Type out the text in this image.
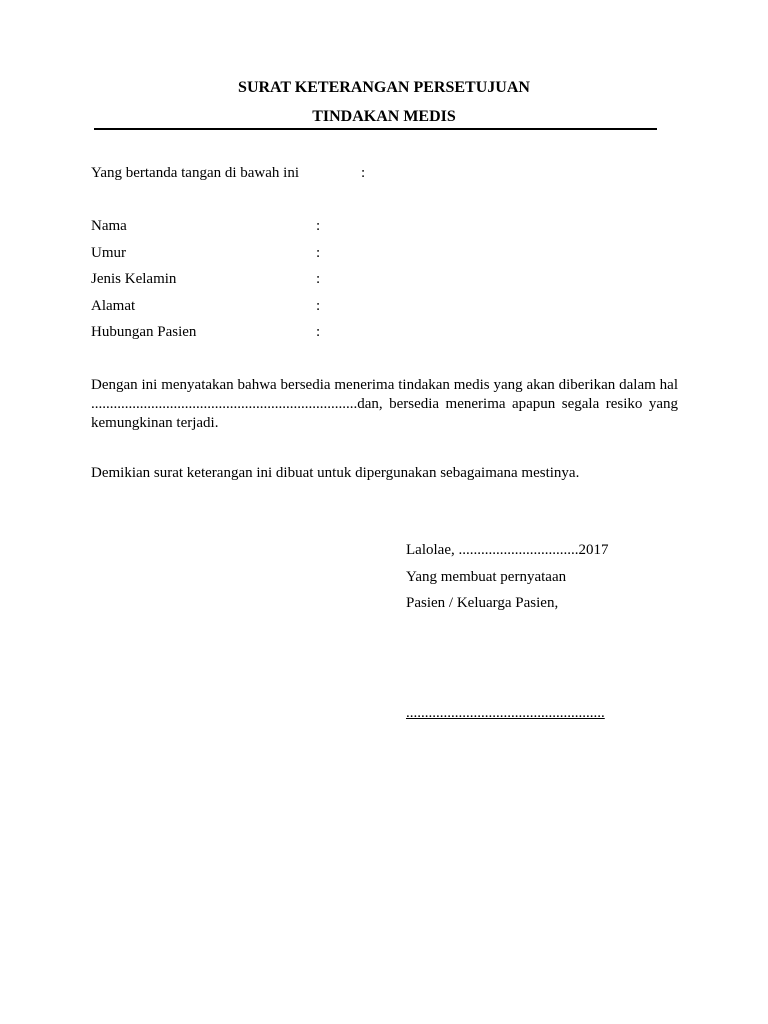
SURAT KETERANGAN PERSETUJUAN
TINDAKAN MEDIS
Yang bertanda tangan di bawah ini	:
Nama	:
Umur	:
Jenis Kelamin	:
Alamat	:
Hubungan Pasien	:

Dengan ini menyatakan bahwa bersedia menerima tindakan medis yang akan diberikan dalam hal .......................................................................dan, bersedia menerima apapun segala resiko yang kemungkinan terjadi.

Demikian surat keterangan ini dibuat untuk dipergunakan sebagaimana mestinya.

Lalolae, ................................2017
Yang membuat pernyataan
Pasien / Keluarga Pasien,
.....................................................
